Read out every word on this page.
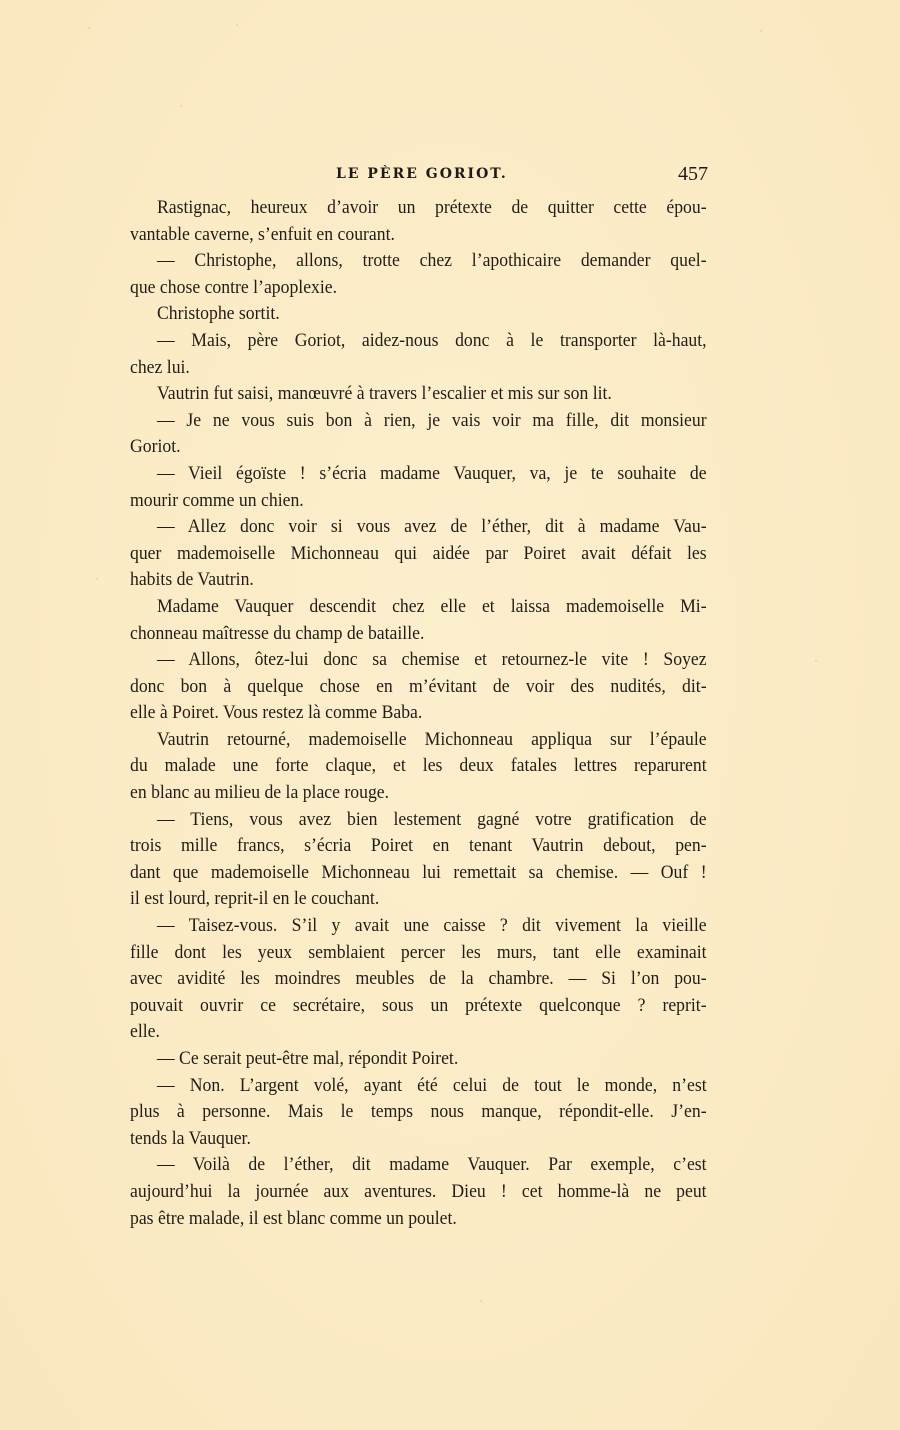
LE PÈRE GORIOT.	457

Rastignac, heureux d’avoir un prétexte de quitter cette épou-
vantable caverne, s’enfuit en courant.

— Christophe, allons, trotte chez l’apothicaire demander quel-
que chose contre l’apoplexie.

Christophe sortit.

— Mais, père Goriot, aidez-nous donc à le transporter là-haut,
chez lui.

Vautrin fut saisi, manœuvré à travers l’escalier et mis sur son lit.

— Je ne vous suis bon à rien, je vais voir ma fille, dit monsieur
Goriot.

— Vieil égoïste ! s’écria madame Vauquer, va, je te souhaite de
mourir comme un chien.

— Allez donc voir si vous avez de l’éther, dit à madame Vau-
quer mademoiselle Michonneau qui aidée par Poiret avait défait les
habits de Vautrin.

Madame Vauquer descendit chez elle et laissa mademoiselle Mi-
chonneau maîtresse du champ de bataille.

— Allons, ôtez-lui donc sa chemise et retournez-le vite ! Soyez
donc bon à quelque chose en m’évitant de voir des nudités, dit-
elle à Poiret. Vous restez là comme Baba.

Vautrin retourné, mademoiselle Michonneau appliqua sur l’épaule
du malade une forte claque, et les deux fatales lettres reparurent
en blanc au milieu de la place rouge.

— Tiens, vous avez bien lestement gagné votre gratification de
trois mille francs, s’écria Poiret en tenant Vautrin debout, pen-
dant que mademoiselle Michonneau lui remettait sa chemise. — Ouf !
il est lourd, reprit-il en le couchant.

— Taisez-vous. S’il y avait une caisse ? dit vivement la vieille
fille dont les yeux semblaient percer les murs, tant elle examinait
avec avidité les moindres meubles de la chambre. — Si l’on pou-
pouvait ouvrir ce secrétaire, sous un prétexte quelconque ? reprit-
elle.

— Ce serait peut-être mal, répondit Poiret.

— Non. L’argent volé, ayant été celui de tout le monde, n’est
plus à personne. Mais le temps nous manque, répondit-elle. J’en-
tends la Vauquer.

— Voilà de l’éther, dit madame Vauquer. Par exemple, c’est
aujourd’hui la journée aux aventures. Dieu ! cet homme-là ne peut
pas être malade, il est blanc comme un poulet.
